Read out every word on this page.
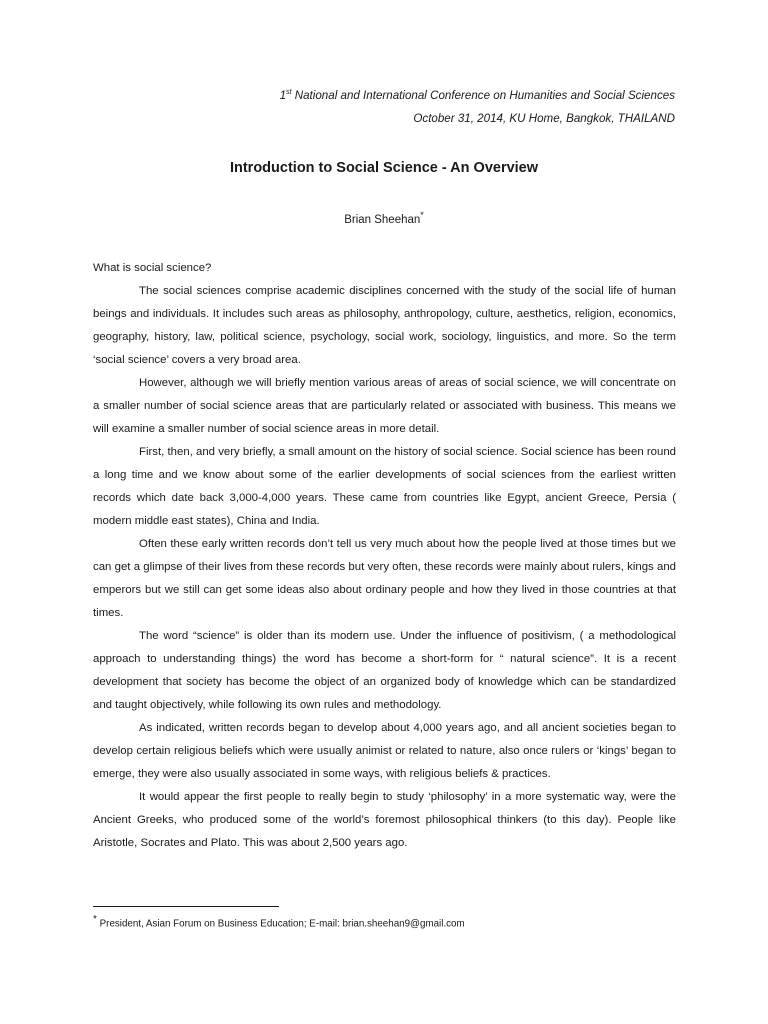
1st National and International Conference on Humanities and Social Sciences
October 31, 2014, KU Home, Bangkok, THAILAND
Introduction to Social Science - An Overview
Brian Sheehan*

What is social science?

The social sciences comprise academic disciplines concerned with the study of the social life of human beings and individuals. It includes such areas as philosophy, anthropology, culture, aesthetics, religion, economics, geography, history, law, political science, psychology, social work, sociology, linguistics, and more. So the term ‘social science’ covers a very broad area.

However, although we will briefly mention various areas of areas of social science, we will concentrate on a smaller number of social science areas that are particularly related or associated with business. This means we will examine a smaller number of social science areas in more detail.

First, then, and very briefly, a small amount on the history of social science. Social science has been round a long time and we know about some of the earlier developments of social sciences from the earliest written records which date back 3,000-4,000 years. These came from countries like Egypt, ancient Greece, Persia ( modern middle east states), China and India.

Often these early written records don’t tell us very much about how the people lived at those times but we can get a glimpse of their lives from these records but very often, these records were mainly about rulers, kings and emperors but we still can get some ideas also about ordinary people and how they lived in those countries at that times.

The word “science” is older than its modern use. Under the influence of positivism, ( a methodological approach to understanding things) the word has become a short-form for “ natural science”. It is a recent development that society has become the object of an organized body of knowledge which can be standardized and taught objectively, while following its own rules and methodology.

As indicated, written records began to develop about 4,000 years ago, and all ancient societies began to develop certain religious beliefs which were usually animist or related to nature, also once rulers or ‘kings’ began to emerge, they were also usually associated in some ways, with religious beliefs & practices.

It would appear the first people to really begin to study ‘philosophy’ in a more systematic way, were the Ancient Greeks, who produced some of the world’s foremost philosophical thinkers (to this day). People like Aristotle, Socrates and Plato. This was about 2,500 years ago.

* President, Asian Forum on Business Education; E-mail: brian.sheehan9@gmail.com
